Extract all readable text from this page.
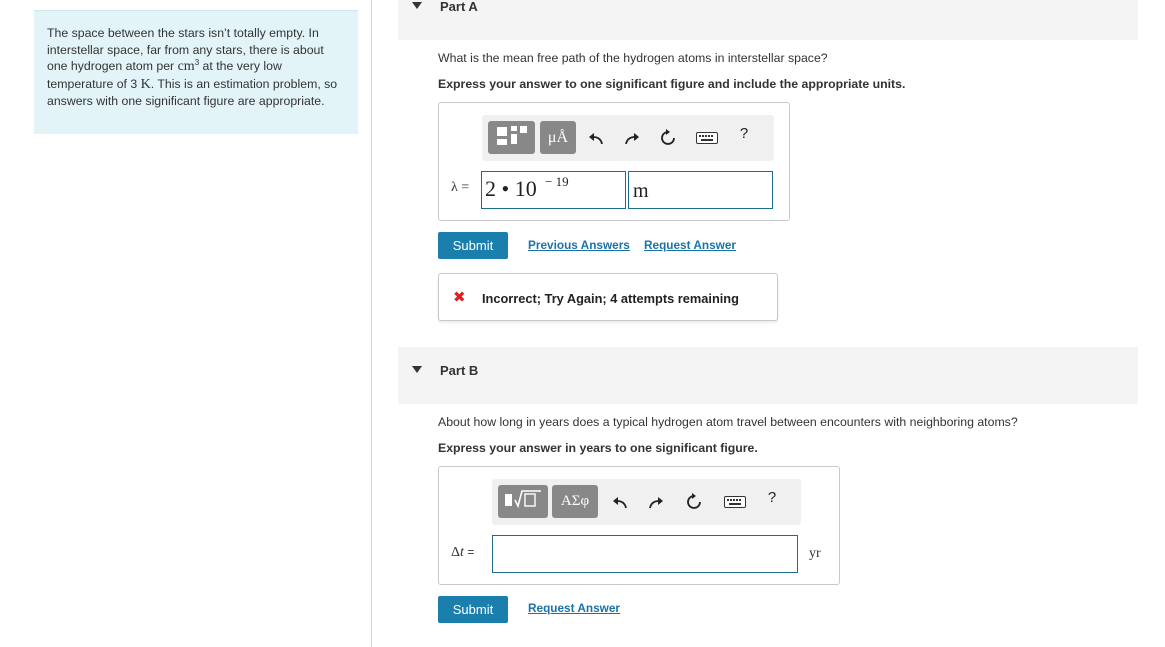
The space between the stars isn’t totally empty. In interstellar space, far from any stars, there is about one hydrogen atom per $cm^3$ at the very low temperature of 3 K. This is an estimation problem, so answers with one significant figure are appropriate.
Part A
What is the mean free path of the hydrogen atoms in interstellar space?
Express your answer to one significant figure and include the appropriate units.
μÅ	?
λ = 2 • 10 − 19	m
Submit	Previous Answers Request Answer
✖ Incorrect; Try Again; 4 attempts remaining
Part B
About how long in years does a typical hydrogen atom travel between encounters with neighboring atoms?
Express your answer in years to one significant figure.
ΑΣφ	?
Δt =	yr
Submit	Request Answer
